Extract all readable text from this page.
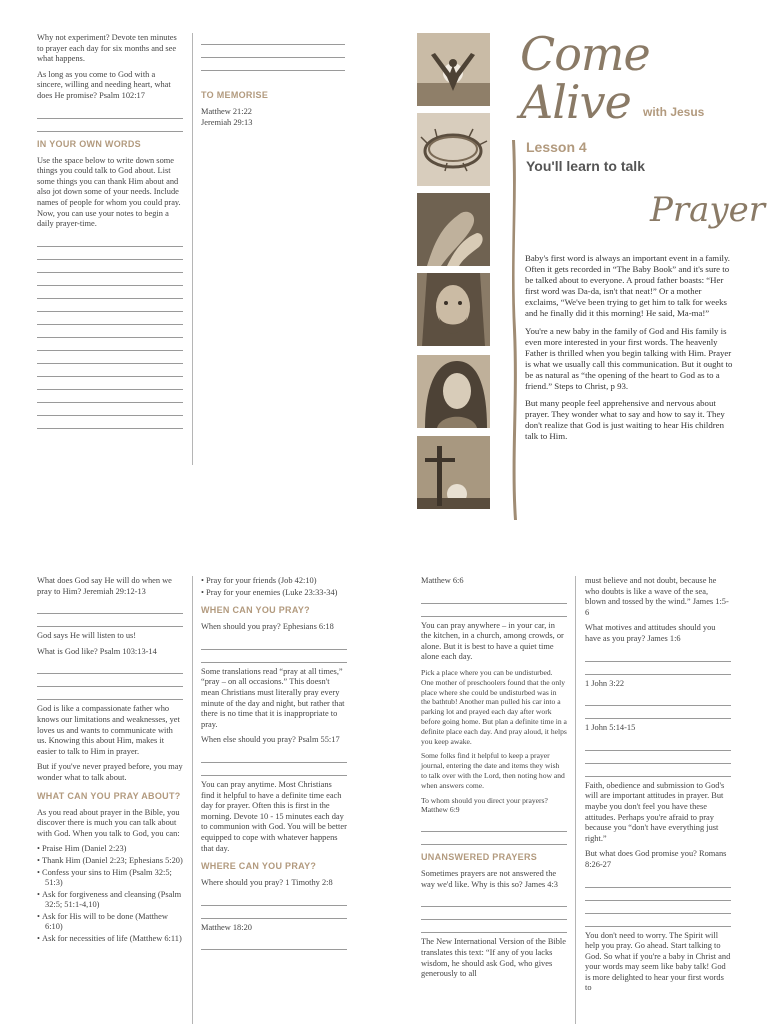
Why not experiment? Devote ten minutes to prayer each day for six months and see what happens.

As long as you come to God with a sincere, willing and needing heart, what does He promise? Psalm 102:17

IN YOUR OWN WORDS

Use the space below to write down some things you could talk to God about. List some things you can thank Him about and also jot down some of your needs. Include names of people for whom you could pray. Now, you can use your notes to begin a daily prayer-time.

TO MEMORISE
Matthew 21:22
Jeremiah 29:13
Come Alive	with Jesus
Lesson 4
You'll learn to talk
Prayer

Baby's first word is always an important event in a family. Often it gets recorded in “The Baby Book” and it's sure to be talked about to everyone. A proud father boasts: “Her first word was Da-da, isn't that neat!” Or a mother exclaims, “We've been trying to get him to talk for weeks and he finally did it this morning! He said, Ma-ma!”

You're a new baby in the family of God and His family is even more interested in your first words. The heavenly Father is thrilled when you begin talking with Him. Prayer is what we usually call this communication. But it ought to be as natural as “the opening of the heart to God as to a friend.” Steps to Christ, p 93.

But many people feel apprehensive and nervous about prayer. They wonder what to say and how to say it. They don't realize that God is just waiting to hear His children talk to Him.

What does God say He will do when we pray to Him? Jeremiah 29:12-13

God says He will listen to us!

What is God like? Psalm 103:13-14

God is like a compassionate father who knows our limitations and weaknesses, yet loves us and wants to communicate with us. Knowing this about Him, makes it easier to talk to Him in prayer.

But if you've never prayed before, you may wonder what to talk about.

WHAT CAN YOU PRAY ABOUT?

As you read about prayer in the Bible, you discover there is much you can talk about with God. When you talk to God, you can:

• Praise Him (Daniel 2:23)
• Thank Him (Daniel 2:23; Ephesians 5:20)
• Confess your sins to Him (Psalm 32:5; 51:3)
• Ask for forgiveness and cleansing (Psalm 32:5; 51:1-4,10)
• Ask for His will to be done (Matthew 6:10)
• Ask for necessities of life (Matthew 6:11)
• Pray for your friends (Job 42:10)
• Pray for your enemies (Luke 23:33-34)
WHEN CAN YOU PRAY?

When should you pray? Ephesians 6:18

Some translations read “pray at all times,” “pray – on all occasions.” This doesn't mean Christians must literally pray every minute of the day and night, but rather that there is no time that it is inappropriate to pray.

When else should you pray? Psalm 55:17

You can pray anytime. Most Christians find it helpful to have a definite time each day for prayer. Often this is first in the morning. Devote 10 - 15 minutes each day to communion with God. You will be better equipped to cope with whatever happens that day.

WHERE CAN YOU PRAY?

Where should you pray? 1 Timothy 2:8

Matthew 18:20

Matthew 6:6

You can pray anywhere – in your car, in the kitchen, in a church, among crowds, or alone. But it is best to have a quiet time alone each day.

Pick a place where you can be undisturbed. One mother of preschoolers found that the only place where she could be undisturbed was in the bathtub! Another man pulled his car into a parking lot and prayed each day after work before going home. But plan a definite time in a definite place each day. And pray aloud, it helps you keep awake.

Some folks find it helpful to keep a prayer journal, entering the date and items they wish to talk over with the Lord, then noting how and when answers come.

To whom should you direct your prayers? Matthew 6:9

UNANSWERED PRAYERS

Sometimes prayers are not answered the way we'd like. Why is this so? James 4:3

The New International Version of the Bible translates this text: “If any of you lacks wisdom, he should ask God, who gives generously to all

must believe and not doubt, because he who doubts is like a wave of the sea, blown and tossed by the wind.” James 1:5-6

What motives and attitudes should you have as you pray? James 1:6

1 John 3:22

1 John 5:14-15

Faith, obedience and submission to God's will are important attitudes in prayer. But maybe you don't feel you have these attitudes. Perhaps you're afraid to pray because you “don't have everything just right.”

But what does God promise you? Romans 8:26-27

You don't need to worry. The Spirit will help you pray. Go ahead. Start talking to God. So what if you're a baby in Christ and your words may seem like baby talk! God is more delighted to hear your first words to
